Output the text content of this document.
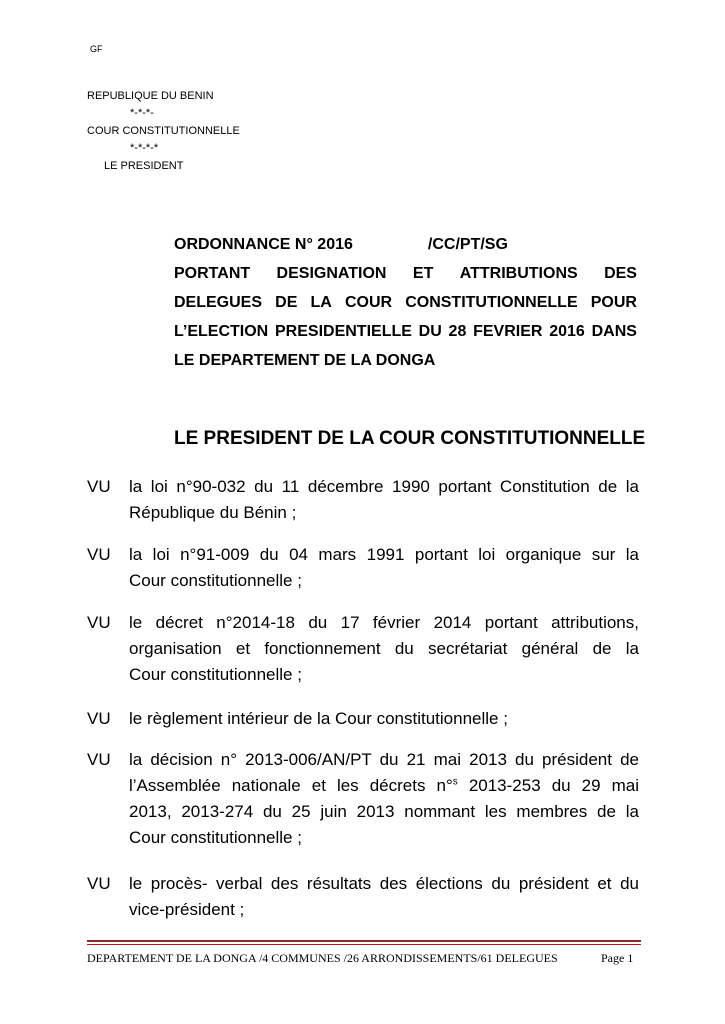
GF
REPUBLIQUE DU BENIN
*-*-*-
COUR CONSTITUTIONNELLE
*-*-*-*
LE PRESIDENT
ORDONNANCE N° 2016	/CC/PT/SG
PORTANT DESIGNATION ET ATTRIBUTIONS DES
DELEGUES DE LA COUR CONSTITUTIONNELLE POUR
L’ELECTION PRESIDENTIELLE DU 28 FEVRIER 2016 DANS
LE DEPARTEMENT DE LA DONGA
LE PRESIDENT DE LA COUR CONSTITUTIONNELLE
VU la loi n°90-032 du 11 décembre 1990 portant Constitution de la
République du Bénin ;
VU la loi n°91-009 du 04 mars 1991 portant loi organique sur la
Cour constitutionnelle ;
VU le décret n°2014-18 du 17 février 2014 portant attributions,
organisation et fonctionnement du secrétariat général de la
Cour constitutionnelle ;
VU le règlement intérieur de la Cour constitutionnelle ;
VU la décision n° 2013-006/AN/PT du 21 mai 2013 du président de
l’Assemblée nationale et les décrets n°$^s$ 2013-253 du 29 mai
2013, 2013-274 du 25 juin 2013 nommant les membres de la
Cour constitutionnelle ;
VU le procès- verbal des résultats des élections du président et du
vice-président ;
DEPARTEMENT DE LA DONGA /4 COMMUNES /26 ARRONDISSEMENTS/61 DELEGUES	Page 1
